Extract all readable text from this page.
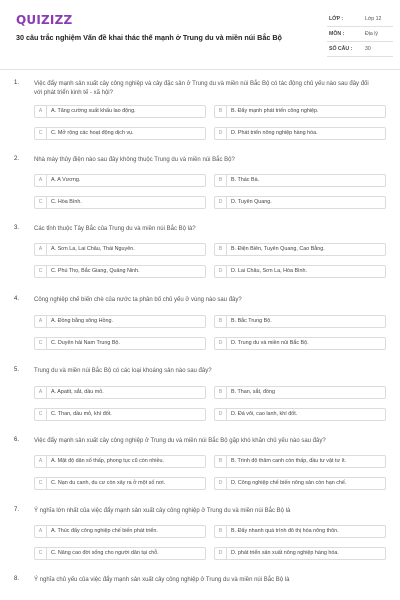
QUIZIZZ
30 câu trắc nghiệm Vấn đề khai thác thế mạnh ở Trung du và miền núi Bắc Bộ
LỚP :	Lớp 12
MÔN :	Địa lý
SỐ CÂU : 30
1. Việc đẩy mạnh sản xuất cây công nghiệp và cây đặc sản ở Trung du và miền núi Bắc Bộ có tác động chủ yếu nào sau đây đối với phát triển kinh tế - xã hội?
A	A. Tăng cường xuất khẩu lao động.	B	B. Đẩy mạnh phát triển công nghiệp.
C	C. Mở rộng các hoạt động dịch vụ.	D	D. Phát triển nông nghiệp hàng hóa.
2. Nhà máy thủy điện nào sau đây không thuộc Trung du và miền núi Bắc Bộ?
A	A. A Vương.	B	B. Thác Bà.
C	C. Hòa Bình.	D	D. Tuyên Quang.
3. Các tỉnh thuộc Tây Bắc của Trung du và miền núi Bắc Bộ là?
A	A. Sơn La, Lai Châu, Thái Nguyên.	B	B. Điện Biên, Tuyên Quang, Cao Bằng.
C	C. Phú Thọ, Bắc Giang, Quảng Ninh.	D	D. Lai Châu, Sơn La, Hòa Bình.
4. Công nghiệp chế biến chè của nước ta phân bố chủ yếu ở vùng nào sau đây?
A	A. Đồng bằng sông Hồng.	B	B. Bắc Trung Bộ.
C	C. Duyên hải Nam Trung Bộ.	D	D. Trung du và miền núi Bắc Bộ.
5. Trung du và miền núi Bắc Bộ có các loại khoáng sản nào sau đây?
A	A. Apatit, sắt, dầu mỏ.	B	B. Than, sắt, đồng
C	C. Than, dầu mỏ, khí đốt.	D	D. Đá vôi, cao lanh, khí đốt.
6. Việc đẩy mạnh sản xuất cây công nghiệp ở Trung du và miền núi Bắc Bộ gặp khó khăn chủ yếu nào sau đây?
A	A. Mật độ dân số thấp, phong tục cũ còn nhiều.	B	B. Trình độ thâm canh còn thấp, đầu tư vật tư ít.
C	C. Nạn du canh, du cư còn xảy ra ở một số nơi.	D	D. Công nghiệp chế biến nông sản còn hạn chế.
7. Ý nghĩa lớn nhất của việc đẩy mạnh sản xuất cây công nghiệp ở Trung du và miền núi Bắc Bộ là
A	A. Thúc đẩy công nghiệp chế biến phát triển.	B	B. Đẩy nhanh quá trình đô thị hóa nông thôn.
C	C. Nâng cao đời sống cho người dân tại chỗ.	D	D. phát triển sản xuất nông nghiệp hàng hóa.
8. Ý nghĩa chủ yếu của việc đẩy mạnh sản xuất cây công nghiệp ở Trung du và miền núi Bắc Bộ là
